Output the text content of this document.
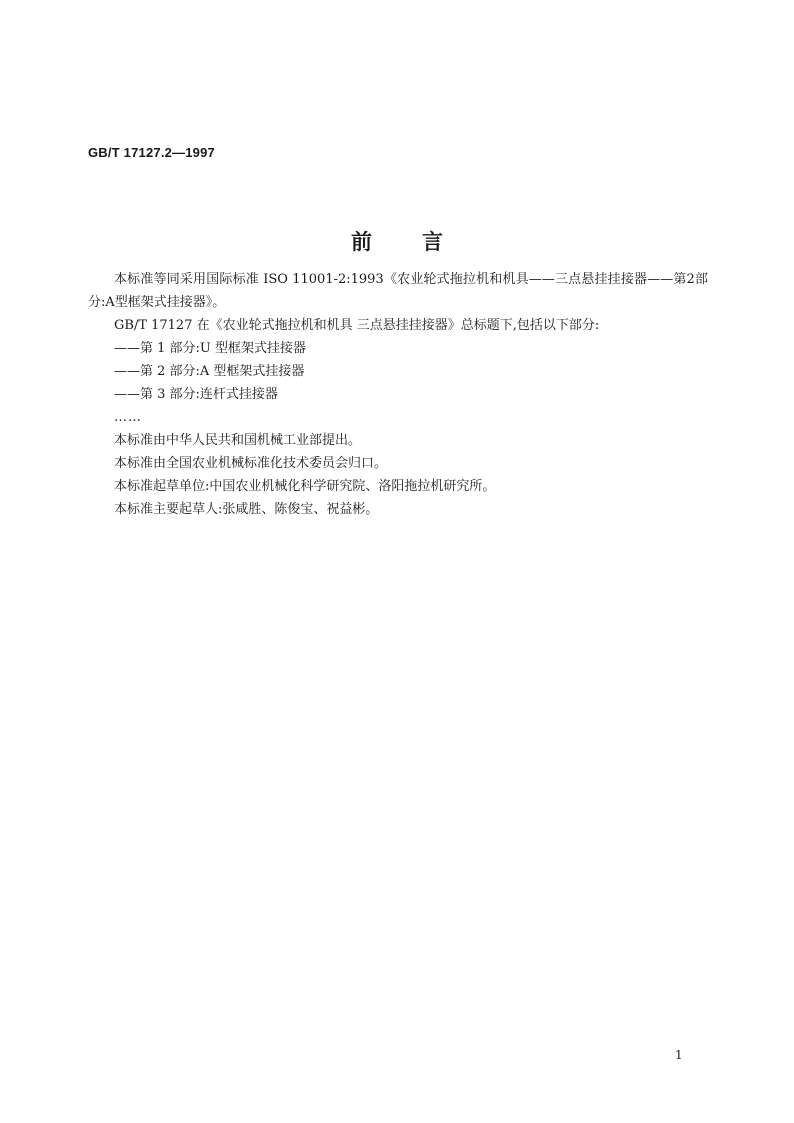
GB/T 17127.2—1997
前言

本标准等同采用国际标准 ISO 11001-2:1993《农业轮式拖拉机和机具——三点悬挂挂接器——第2部分:A型框架式挂接器》。

GB/T 17127 在《农业轮式拖拉机和机具 三点悬挂挂接器》总标题下,包括以下部分:

——第 1 部分:U 型框架式挂接器

——第 2 部分:A 型框架式挂接器

——第 3 部分:连杆式挂接器

……

本标准由中华人民共和国机械工业部提出。

本标准由全国农业机械标准化技术委员会归口。

本标准起草单位:中国农业机械化科学研究院、洛阳拖拉机研究所。

本标准主要起草人:张咸胜、陈俊宝、祝益彬。

1
